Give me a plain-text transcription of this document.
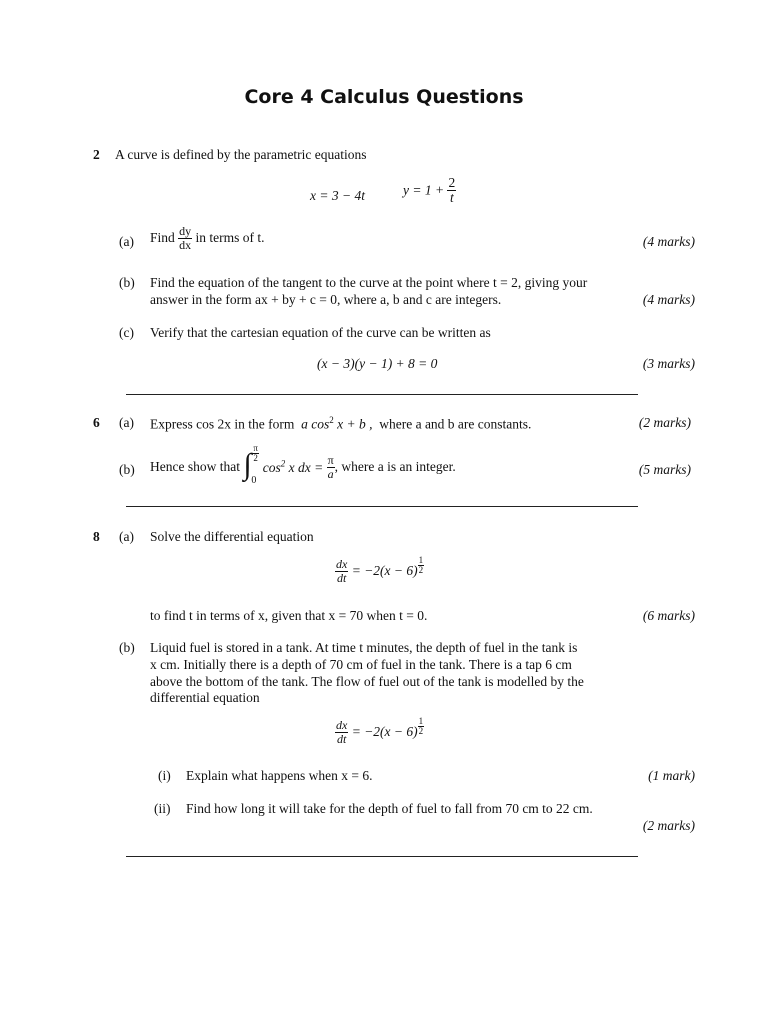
Core 4 Calculus Questions
2 A curve is defined by the parametric equations
x = 3 − 4t	$y = 1 + \frac{2}{t}$
(a) Find $\frac{dy}{dx}$ in terms of t.	(4 marks)
(b) Find the equation of the tangent to the curve at the point where t = 2, giving your
answer in the form ax + by + c = 0, where a, b and c are integers.	(4 marks)
(c) Verify that the cartesian equation of the curve can be written as
(x − 3)(y − 1) + 8 = 0	(3 marks)
6 (a) Express cos 2x in the form a $\cos^2 x + b$ , where a and b are constants.	(2 marks)
(b) Hence show that ∫ $\frac{\pi}{2}$
0
$\cos^2 x$ dx = $\frac{\pi}{a}$ , where a is an integer.	(5 marks)
8 (a) Solve the differential equation
$\frac{dx}{dt} = -2(x - 6) \frac{1}{2}$
to find t in terms of x, given that x = 70 when t = 0.	(6 marks)
(b) Liquid fuel is stored in a tank. At time t minutes, the depth of fuel in the tank is
x cm. Initially there is a depth of 70 cm of fuel in the tank. There is a tap 6 cm
above the bottom of the tank. The flow of fuel out of the tank is modelled by the
differential equation
$\frac{dx}{dt} = -2(x - 6) \frac{1}{2}$
(i) Explain what happens when x = 6.	(1 mark)
(ii) Find how long it will take for the depth of fuel to fall from 70 cm to 22 cm.
(2 marks)
